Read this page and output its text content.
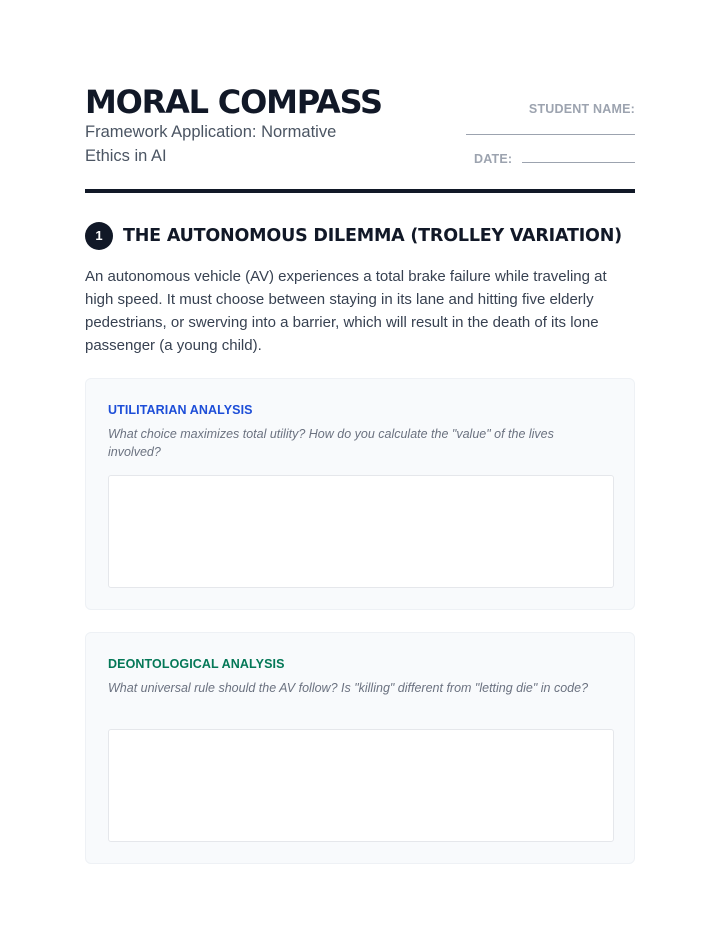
MORAL COMPASS
Framework Application: Normative Ethics in AI
STUDENT NAME:
DATE:
1	THE AUTONOMOUS DILEMMA (TROLLEY VARIATION)

An autonomous vehicle (AV) experiences a total brake failure while traveling at high speed. It must choose between staying in its lane and hitting five elderly pedestrians, or swerving into a barrier, which will result in the death of its lone passenger (a young child).

UTILITARIAN ANALYSIS
What choice maximizes total utility? How do you calculate the "value" of the lives involved?
DEONTOLOGICAL ANALYSIS
What universal rule should the AV follow? Is "killing" different from "letting die" in code?
